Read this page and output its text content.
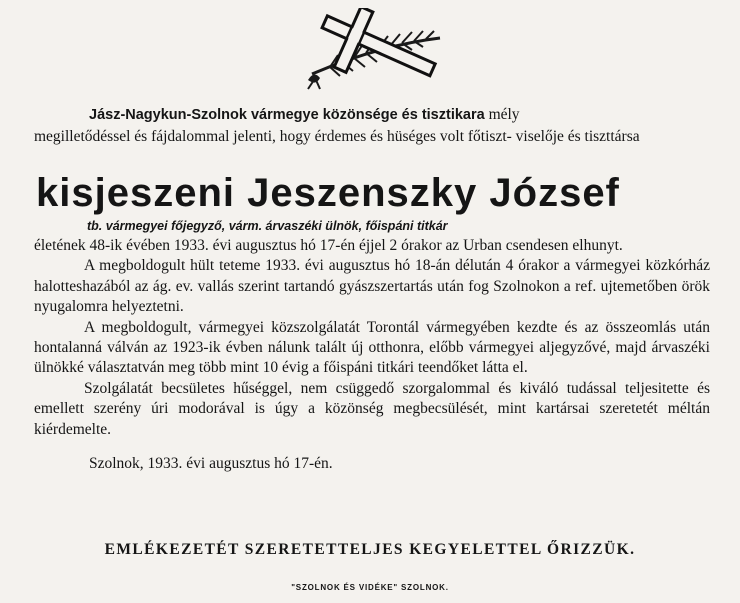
Jász-Nagykun-Szolnok vármegye közönsége és tisztikara mély
megilletődéssel és fájdalommal jelenti, hogy érdemes és hüséges volt főtiszt- viselője és tiszttársa
kisjeszeni Jeszenszky József
tb. vármegyei főjegyző, várm. árvaszéki ülnök, főispáni titkár

életének 48-ik évében 1933. évi augusztus hó 17-én éjjel 2 órakor az Urban csendesen elhunyt.

A megboldogult hült teteme 1933. évi augusztus hó 18-án délután 4 órakor a vármegyei közkórház halotteshazából az ág. ev. vallás szerint tartandó gyászszertartás után fog Szolnokon a ref. ujtemetőben örök nyugalomra helyeztetni.

A megboldogult, vármegyei közszolgálatát Torontál vármegyében kezdte és az összeomlás után hontalanná válván az 1923-ik évben nálunk talált új otthonra, előbb vármegyei aljegyzővé, majd árvaszéki ülnökké választatván meg több mint 10 évig a főispáni titkári teendőket látta el.

Szolgálatát becsületes hűséggel, nem csüggedő szorgalommal és kiváló tudással teljesitette és emellett szerény úri modorával is úgy a közönség megbecsülését, mint kartársai szeretetét méltán kiérdemelte.

Szolnok, 1933. évi augusztus hó 17-én.

EMLÉKEZETÉT SZERETETTELJES KEGYELETTEL ŐRIZZÜK.
"SZOLNOK ÉS VIDÉKE" SZOLNOK.
